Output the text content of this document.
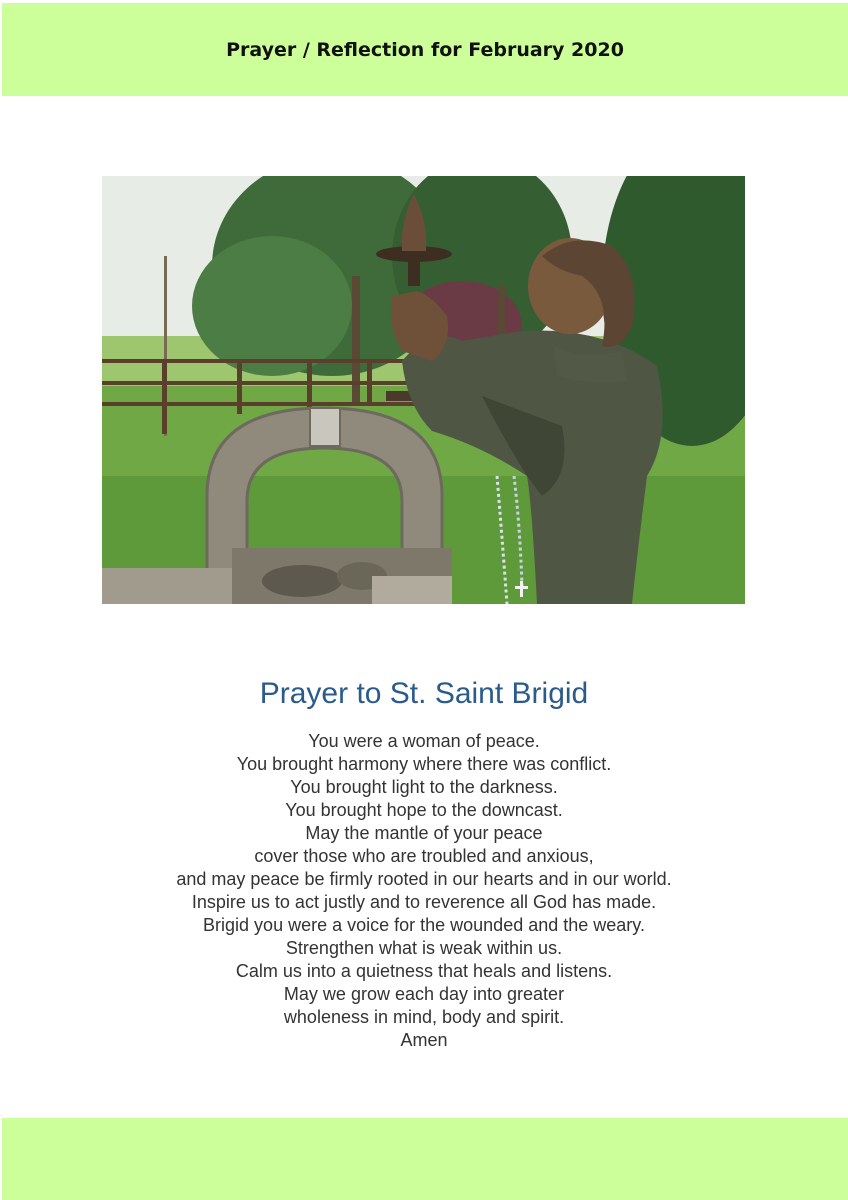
Prayer / Reflection for February 2020
Prayer to St. Saint Brigid
You were a woman of peace.
You brought harmony where there was conflict.
You brought light to the darkness.
You brought hope to the downcast.
May the mantle of your peace
cover those who are troubled and anxious,
and may peace be firmly rooted in our hearts and in our world.
Inspire us to act justly and to reverence all God has made.
Brigid you were a voice for the wounded and the weary.
Strengthen what is weak within us.
Calm us into a quietness that heals and listens.
May we grow each day into greater
wholeness in mind, body and spirit.
Amen
